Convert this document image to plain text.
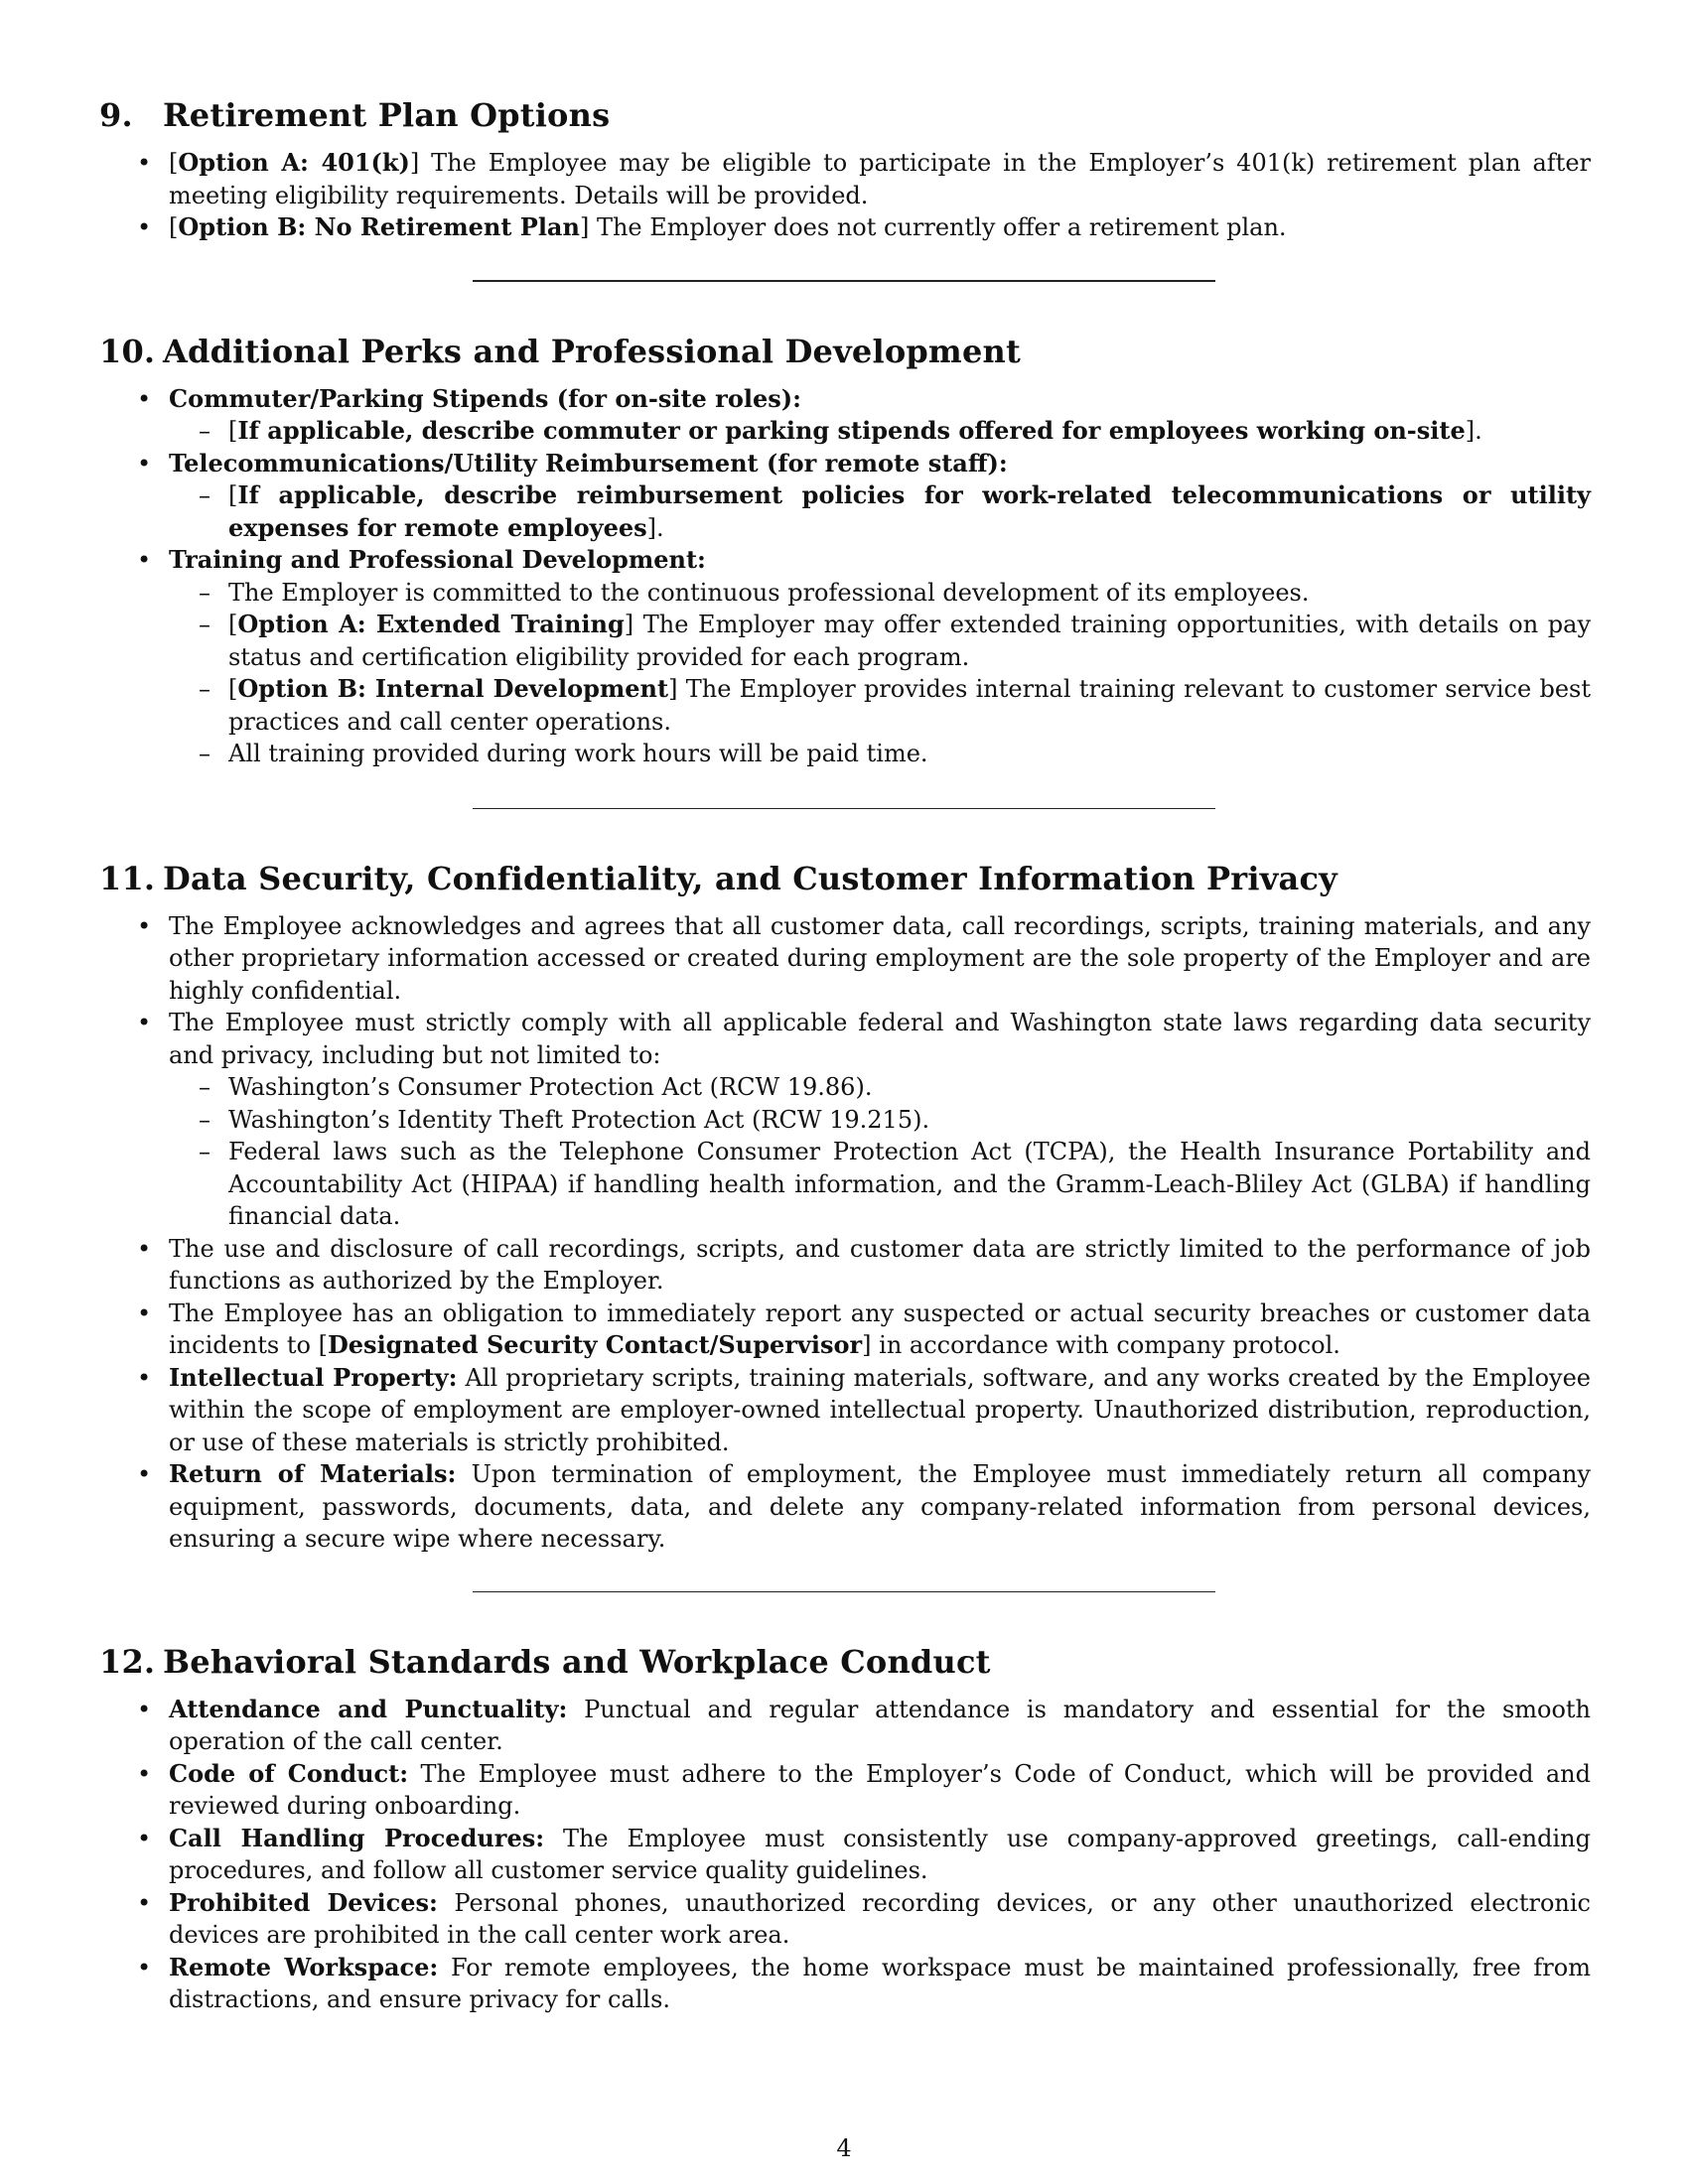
9. Retirement Plan Options
• [Option A: 401(k)] The Employee may be eligible to participate in the Employer’s 401(k) retirement plan after meeting eligibility requirements. Details will be provided.
• [Option B: No Retirement Plan] The Employer does not currently offer a retirement plan.
10. Additional Perks and Professional Development
• Commuter/Parking Stipends (for on-site roles):
– [If applicable, describe commuter or parking stipends offered for employees working on-site].
• Telecommunications/Utility Reimbursement (for remote staff):
– [If applicable, describe reimbursement policies for work-related telecommunications or utility expenses for remote employees].
• Training and Professional Development:
– The Employer is committed to the continuous professional development of its employees.
– [Option A: Extended Training] The Employer may offer extended training opportunities, with details on pay status and certification eligibility provided for each program.
– [Option B: Internal Development] The Employer provides internal training relevant to customer service best practices and call center operations.
– All training provided during work hours will be paid time.
11. Data Security, Confidentiality, and Customer Information Privacy
• The Employee acknowledges and agrees that all customer data, call recordings, scripts, training materials, and any other proprietary information accessed or created during employment are the sole property of the Employer and are highly confidential.
• The Employee must strictly comply with all applicable federal and Washington state laws regarding data security and privacy, including but not limited to:
– Washington’s Consumer Protection Act (RCW 19.86).
– Washington’s Identity Theft Protection Act (RCW 19.215).
– Federal laws such as the Telephone Consumer Protection Act (TCPA), the Health Insurance Portability and Accountability Act (HIPAA) if handling health information, and the Gramm-Leach-Bliley Act (GLBA) if handling financial data.
• The use and disclosure of call recordings, scripts, and customer data are strictly limited to the performance of job functions as authorized by the Employer.
• The Employee has an obligation to immediately report any suspected or actual security breaches or customer data incidents to [Designated Security Contact/Supervisor] in accordance with company protocol.
• Intellectual Property: All proprietary scripts, training materials, software, and any works created by the Employee within the scope of employment are employer-owned intellectual property. Unauthorized distribution, reproduction, or use of these materials is strictly prohibited.
• Return of Materials: Upon termination of employment, the Employee must immediately return all company equipment, passwords, documents, data, and delete any company-related information from personal devices, ensuring a secure wipe where necessary.
12. Behavioral Standards and Workplace Conduct
• Attendance and Punctuality: Punctual and regular attendance is mandatory and essential for the smooth operation of the call center.
• Code of Conduct: The Employee must adhere to the Employer’s Code of Conduct, which will be provided and reviewed during onboarding.
• Call Handling Procedures: The Employee must consistently use company-approved greetings, call-ending procedures, and follow all customer service quality guidelines.
• Prohibited Devices: Personal phones, unauthorized recording devices, or any other unauthorized electronic devices are prohibited in the call center work area.
• Remote Workspace: For remote employees, the home workspace must be maintained professionally, free from distractions, and ensure privacy for calls.
4
